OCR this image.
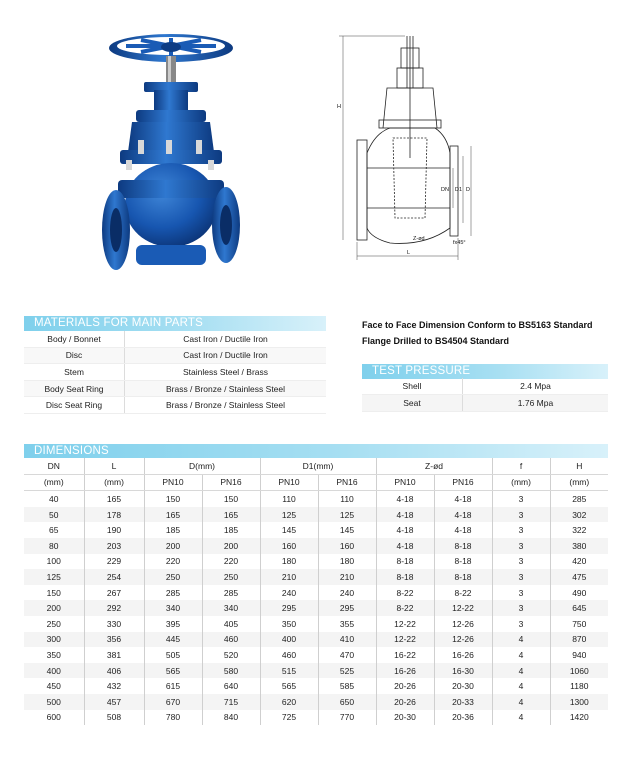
H
DN D1 D
Z-ød
fx45°
L
MATERIALS FOR MAIN PARTS
Body / Bonnet	Cast Iron / Ductile Iron
Disc	Cast Iron / Ductile Iron
Stem	Stainless Steel / Brass
Body Seat Ring	Brass / Bronze / Stainless Steel
Disc Seat Ring	Brass / Bronze / Stainless Steel
Face to Face Dimension Conform to BS5163 Standard
Flange Drilled to BS4504 Standard
TEST PRESSURE
Shell	2.4 Mpa
Seat	1.76 Mpa
DIMENSIONS
DN	L	D(mm)		D1(mm)		Z-ød		f	H
(mm)	(mm)	PN10	PN16	PN10	PN16	PN10	PN16	(mm)	(mm)
40	165	150	150	110	110	4-18	4-18	3	285
50	178	165	165	125	125	4-18	4-18	3	302
65	190	185	185	145	145	4-18	4-18	3	322
80	203	200	200	160	160	4-18	8-18	3	380
100	229	220	220	180	180	8-18	8-18	3	420
125	254	250	250	210	210	8-18	8-18	3	475
150	267	285	285	240	240	8-22	8-22	3	490
200	292	340	340	295	295	8-22	12-22	3	645
250	330	395	405	350	355	12-22	12-26	3	750
300	356	445	460	400	410	12-22	12-26	4	870
350	381	505	520	460	470	16-22	16-26	4	940
400	406	565	580	515	525	16-26	16-30	4	1060
450	432	615	640	565	585	20-26	20-30	4	1180
500	457	670	715	620	650	20-26	20-33	4	1300
600	508	780	840	725	770	20-30	20-36	4	1420
